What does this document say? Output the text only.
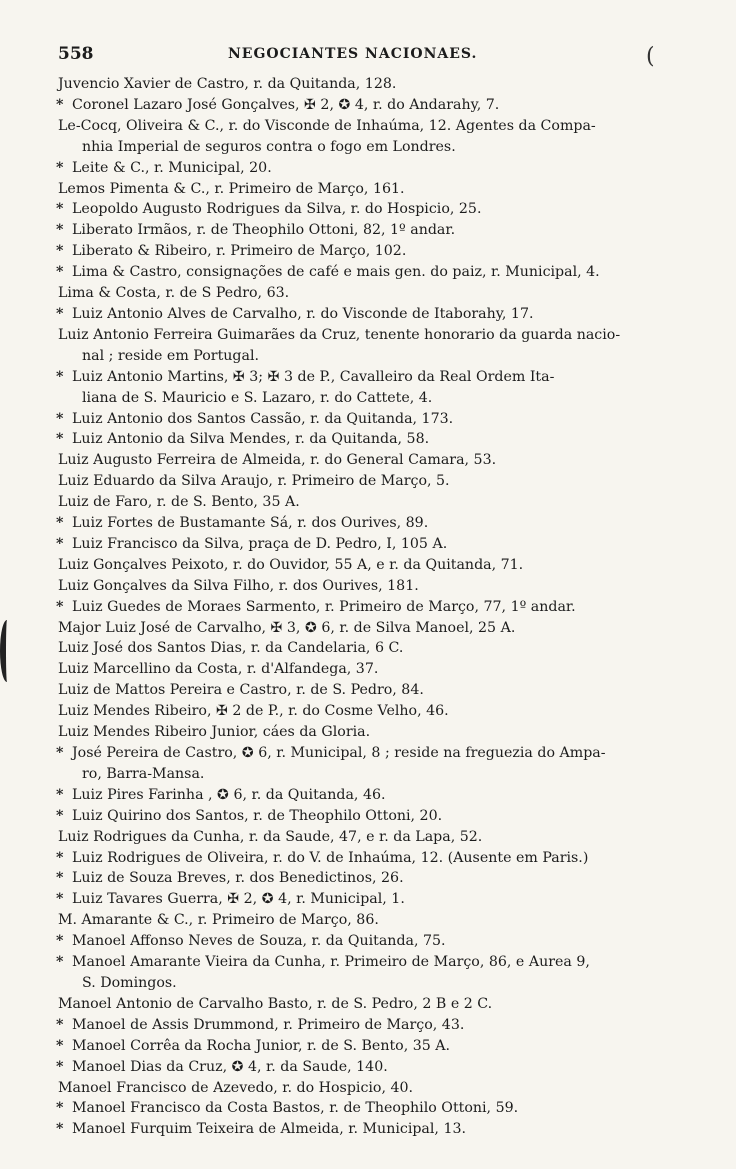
558	NEGOCIANTES NACIONAES.	(

Juvencio Xavier de Castro, r. da Quitanda, 128.

* Coronel Lazaro José Gonçalves, ✠ 2, ✪ 4, r. do Andarahy, 7.

Le-Cocq, Oliveira & C., r. do Visconde de Inhaúma, 12. Agentes da Compa-
nhia Imperial de seguros contra o fogo em Londres.

* Leite & C., r. Municipal, 20.

Lemos Pimenta & C., r. Primeiro de Março, 161.

* Leopoldo Augusto Rodrigues da Silva, r. do Hospicio, 25.

* Liberato Irmãos, r. de Theophilo Ottoni, 82, 1º andar.

* Liberato & Ribeiro, r. Primeiro de Março, 102.

* Lima & Castro, consignações de café e mais gen. do paiz, r. Municipal, 4.

Lima & Costa, r. de S Pedro, 63.

* Luiz Antonio Alves de Carvalho, r. do Visconde de Itaborahy, 17.

Luiz Antonio Ferreira Guimarães da Cruz, tenente honorario da guarda nacio-
nal ; reside em Portugal.

* Luiz Antonio Martins, ✠ 3; ✠ 3 de P., Cavalleiro da Real Ordem Ita-
liana de S. Mauricio e S. Lazaro, r. do Cattete, 4.

* Luiz Antonio dos Santos Cassão, r. da Quitanda, 173.

* Luiz Antonio da Silva Mendes, r. da Quitanda, 58.

Luiz Augusto Ferreira de Almeida, r. do General Camara, 53.

Luiz Eduardo da Silva Araujo, r. Primeiro de Março, 5.

Luiz de Faro, r. de S. Bento, 35 A.

* Luiz Fortes de Bustamante Sá, r. dos Ourives, 89.

* Luiz Francisco da Silva, praça de D. Pedro, I, 105 A.

Luiz Gonçalves Peixoto, r. do Ouvidor, 55 A, e r. da Quitanda, 71.

Luiz Gonçalves da Silva Filho, r. dos Ourives, 181.

* Luiz Guedes de Moraes Sarmento, r. Primeiro de Março, 77, 1º andar.

Major Luiz José de Carvalho, ✠ 3, ✪ 6, r. de Silva Manoel, 25 A.

Luiz José dos Santos Dias, r. da Candelaria, 6 C.

Luiz Marcellino da Costa, r. d'Alfandega, 37.

Luiz de Mattos Pereira e Castro, r. de S. Pedro, 84.

Luiz Mendes Ribeiro, ✠ 2 de P., r. do Cosme Velho, 46.

Luiz Mendes Ribeiro Junior, cáes da Gloria.

* José Pereira de Castro, ✪ 6, r. Municipal, 8 ; reside na freguezia do Ampa-
ro, Barra-Mansa.

* Luiz Pires Farinha , ✪ 6, r. da Quitanda, 46.

* Luiz Quirino dos Santos, r. de Theophilo Ottoni, 20.

Luiz Rodrigues da Cunha, r. da Saude, 47, e r. da Lapa, 52.

* Luiz Rodrigues de Oliveira, r. do V. de Inhaúma, 12. (Ausente em Paris.)

* Luiz de Souza Breves, r. dos Benedictinos, 26.

* Luiz Tavares Guerra, ✠ 2, ✪ 4, r. Municipal, 1.

M. Amarante & C., r. Primeiro de Março, 86.

* Manoel Affonso Neves de Souza, r. da Quitanda, 75.

* Manoel Amarante Vieira da Cunha, r. Primeiro de Março, 86, e Aurea 9,
S. Domingos.

Manoel Antonio de Carvalho Basto, r. de S. Pedro, 2 B e 2 C.

* Manoel de Assis Drummond, r. Primeiro de Março, 43.

* Manoel Corrêa da Rocha Junior, r. de S. Bento, 35 A.

* Manoel Dias da Cruz, ✪ 4, r. da Saude, 140.

Manoel Francisco de Azevedo, r. do Hospicio, 40.

* Manoel Francisco da Costa Bastos, r. de Theophilo Ottoni, 59.

* Manoel Furquim Teixeira de Almeida, r. Municipal, 13.
